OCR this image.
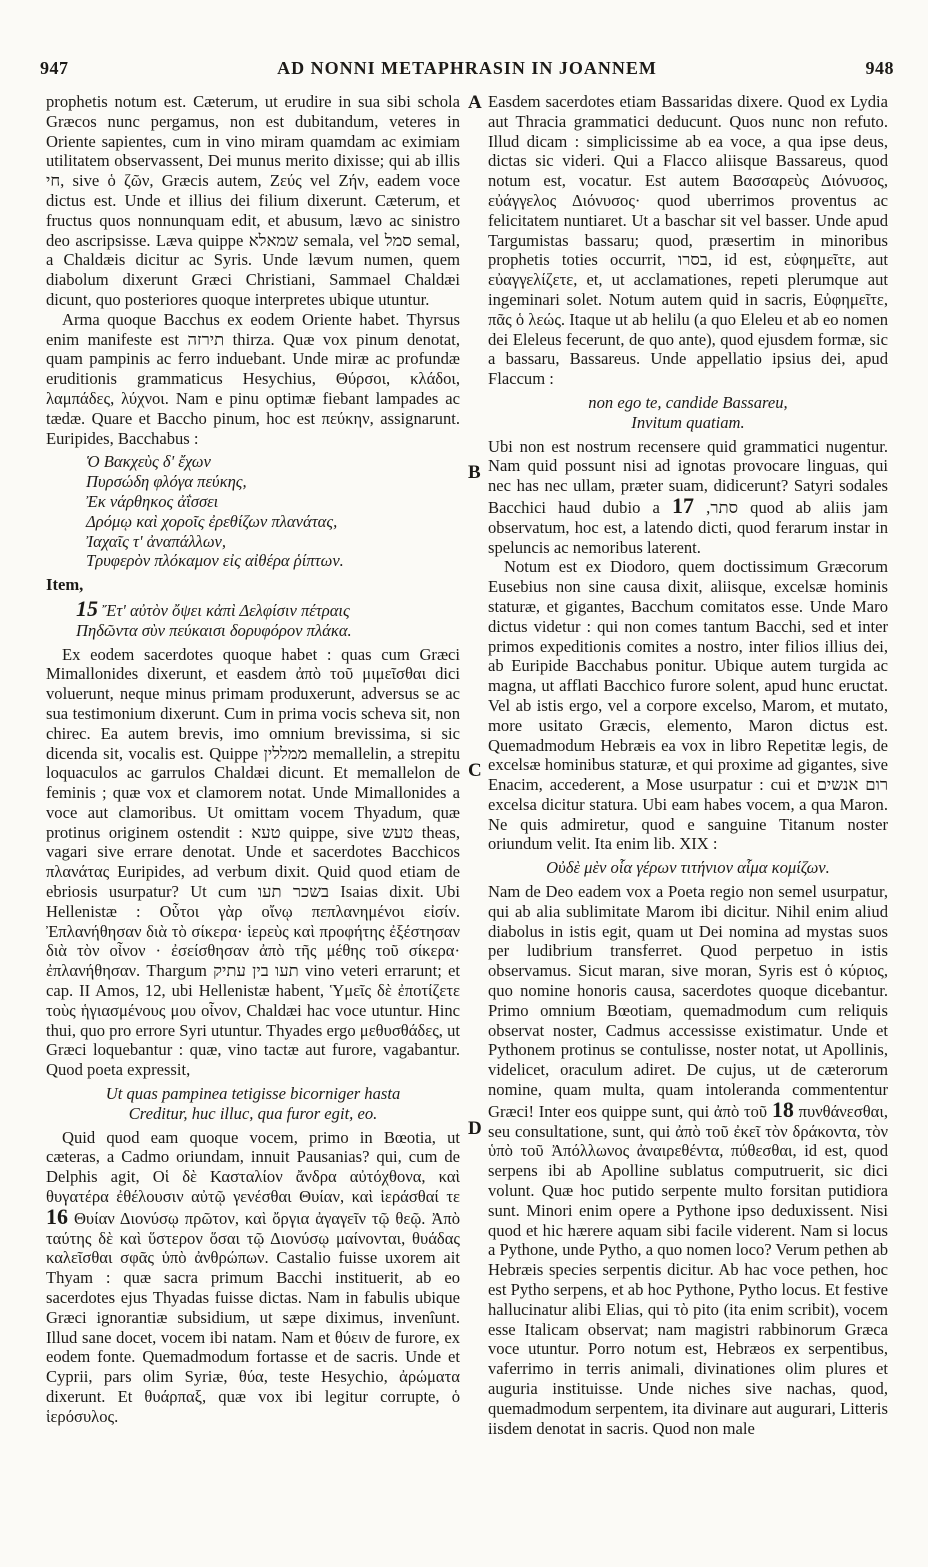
947	AD NONNI METAPHRASIN IN JOANNEM	948
A
B
C
D

prophetis notum est. Cæterum, ut erudire in sua sibi schola Græcos nunc pergamus, non est dubitandum, veteres in Oriente sapientes, cum in vino miram quamdam ac eximiam utilitatem observassent, Dei munus merito dixisse; qui ab illis חי, sive ὁ ζῶν, Græcis autem, Ζεύς vel Ζήν, eadem voce dictus est. Unde et illius dei filium dixerunt. Cæterum, et fructus quos nonnunquam edit, et abusum, lævo ac sinistro deo ascripsisse. Læva quippe שמאלא semala, vel סמל semal, a Chaldæis dicitur ac Syris. Unde lævum numen, quem diabolum dixerunt Græci Christiani, Sammael Chaldæi dicunt, quo posteriores quoque interpretes ubique utuntur.

Arma quoque Bacchus ex eodem Oriente habet. Thyrsus enim manifeste est תירזה thirza. Quæ vox pinum denotat, quam pampinis ac ferro induebant. Unde miræ ac profundæ eruditionis grammaticus Hesychius, Θύρσοι, κλάδοι, λαμπάδες, λύχνοι. Nam e pinu optimæ fiebant lampades ac tædæ. Quare et Baccho pinum, hoc est πεύκην, assignarunt. Euripides, Bacchabus :

Ὁ Βακχεὺς δ' ἔχων
Πυρσώδη φλόγα πεύκης,
Ἐκ νάρθηκος ἀΐσσει
Δρόμῳ καὶ χοροῖς ἐρεθίζων πλανάτας,
Ἰαχαῖς τ' ἀναπάλλων,
Τρυφερὸν πλόκαμον εἰς αἰθέρα ῥίπτων.

Item,

15 Ἔτ' αὐτὸν ὄψει κἀπὶ Δελφίσιν πέτραις
Πηδῶντα σὺν πεύκαισι δορυφόρον πλάκα.

Ex eodem sacerdotes quoque habet : quas cum Græci Mimallonides dixerunt, et easdem ἀπὸ τοῦ μιμεῖσθαι dici voluerunt, neque minus primam produxerunt, adversus se ac sua testimonium dixerunt. Cum in prima vocis scheva sit, non chirec. Ea autem brevis, imo omnium brevissima, si sic dicenda sit, vocalis est. Quippe ממללין memallelin, a strepitu loquaculos ac garrulos Chaldæi dicunt. Et memallelon de feminis ; quæ vox et clamorem notat. Unde Mimallonides a voce aut clamoribus. Ut omittam vocem Thyadum, quæ protinus originem ostendit : טעא quippe, sive טעש theas, vagari sive errare denotat. Unde et sacerdotes Bacchicos πλανάτας Euripides, ad verbum dixit. Quid quod etiam de ebriosis usurpatur? Ut cum בשכר תעו Isaias dixit. Ubi Hellenistæ : Οὗτοι γὰρ οἴνῳ πεπλανημένοι εἰσίν. Ἐπλανήθησαν διὰ τὸ σίκερα· ἱερεὺς καὶ προφήτης ἐξέστησαν διὰ τὸν οἶνον · ἐσείσθησαν ἀπὸ τῆς μέθης τοῦ σίκερα· ἐπλανήθησαν. Thargum תעו בין עתיק vino veteri errarunt; et cap. II Amos, 12, ubi Hellenistæ habent, Ὑμεῖς δὲ ἐποτίζετε τοὺς ἡγιασμένους μου οἶνον, Chaldæi hac voce utuntur. Hinc thui, quo pro errore Syri utuntur. Thyades ergo μεθυσθάδες, ut Græci loquebantur : quæ, vino tactæ aut furore, vagabantur. Quod poeta expressit,

Ut quas pampinea tetigisse bicorniger hasta
Creditur, huc illuc, qua furor egit, eo.

Quid quod eam quoque vocem, primo in Bœotia, ut cæteras, a Cadmo oriundam, innuit Pausanias? qui, cum de Delphis agit, Οἱ δὲ Κασταλίον ἄνδρα αὐτόχθονα, καὶ θυγατέρα ἐθέλουσιν αὐτῷ γενέσθαι Θυίαν, καὶ ἱεράσθαί τε 16 Θυίαν Διονύσῳ πρῶτον, καὶ ὄργια ἀγαγεῖν τῷ θεῷ. Ἀπὸ ταύτης δὲ καὶ ὕστερον ὅσαι τῷ Διονύσῳ μαίνονται, θυάδας καλεῖσθαι σφᾶς ὑπὸ ἀνθρώπων. Castalio fuisse uxorem ait Thyam : quæ sacra primum Bacchi instituerit, ab eo sacerdotes ejus Thyadas fuisse dictas. Nam in fabulis ubique Græci ignorantiæ subsidium, ut sæpe diximus, invenîunt. Illud sane docet, vocem ibi natam. Nam et θύειν de furore, ex eodem fonte. Quemadmodum fortasse et de sacris. Unde et Cyprii, pars olim Syriæ, θύα, teste Hesychio, ἀρώματα dixerunt. Et θυάρπαξ, quæ vox ibi legitur corrupte, ὁ ἱερόσυλος.

Easdem sacerdotes etiam Bassaridas dixere. Quod ex Lydia aut Thracia grammatici deducunt. Quos nunc non refuto. Illud dicam : simplicissime ab ea voce, a qua ipse deus, dictas sic videri. Qui a Flacco aliisque Bassareus, quod notum est, vocatur. Est autem Βασσαρεὺς Διόνυσος, εὐάγγελος Διόνυσος· quod uberrimos proventus ac felicitatem nuntiaret. Ut a baschar sit vel basser. Unde apud Targumistas bassaru; quod, præsertim in minoribus prophetis toties occurrit, בסרו, id est, εὐφημεῖτε, aut εὐαγγελίζετε, et, ut acclamationes, repeti plerumque aut ingeminari solet. Notum autem quid in sacris, Εὐφημεῖτε, πᾶς ὁ λεώς. Itaque ut ab helilu (a quo Eleleu et ab eo nomen dei Eleleus fecerunt, de quo ante), quod ejusdem formæ, sic a bassaru, Bassareus. Unde appellatio ipsius dei, apud Flaccum :

non ego te, candide Bassareu,
Invitum quatiam.

Ubi non est nostrum recensere quid grammatici nugentur. Nam quid possunt nisi ad ignotas provocare linguas, qui nec has nec ullam, præter suam, didicerunt? Satyri sodales Bacchici haud dubio a סתר, 17	quod ab aliis jam observatum, hoc est, a latendo dicti, quod ferarum instar in speluncis ac nemoribus laterent.

Notum est ex Diodoro, quem doctissimum Græcorum Eusebius non sine causa dixit, aliisque, excelsæ hominis staturæ, et gigantes, Bacchum comitatos esse. Unde Maro dictus videtur : qui non comes tantum Bacchi, sed et inter primos expeditionis comites a nostro, inter filios illius dei, ab Euripide Bacchabus ponitur. Ubique autem turgida ac magna, ut afflati Bacchico furore solent, apud hunc eructat. Vel ab istis ergo, vel a corpore excelso, Marom, et mutato, more usitato Græcis, elemento, Maron dictus est. Quemadmodum Hebræis ea vox in libro Repetitæ legis, de excelsæ hominibus staturæ, et qui proxime ad gigantes, sive Enacim, accederent, a Mose usurpatur : cui et רום אנשים excelsa dicitur statura. Ubi eam habes vocem, a qua Maron. Ne quis admiretur, quod e sanguine Titanum noster oriundum velit. Ita enim lib. XIX :

Οὐδὲ μὲν οἷα γέρων τιτήνιον αἷμα κομίζων.

Nam de Deo eadem vox a Poeta regio non semel usurpatur, qui ab alia sublimitate Marom ibi dicitur. Nihil enim aliud diabolus in istis egit, quam ut Dei nomina ad mystas suos per ludibrium transferret. Quod perpetuo in istis observamus. Sicut maran, sive moran, Syris est ὁ κύριος, quo nomine honoris causa, sacerdotes quoque dicebantur. Primo omnium Bœotiam, quemadmodum cum reliquis observat noster, Cadmus accessisse existimatur. Unde et Pythonem protinus se contulisse, noster notat, ut Apollinis, videlicet, oraculum adiret. De cujus, ut de cæterorum nomine, quam multa, quam intoleranda commententur Græci! Inter eos quippe sunt, qui ἀπὸ τοῦ 18 πυνθάνεσθαι, seu consultatione, sunt, qui ἀπὸ τοῦ ἐκεῖ τὸν δράκοντα, τὸν ὑπὸ τοῦ Ἀπόλλωνος ἀναιρεθέντα, πύθεσθαι, id est, quod serpens ibi ab Apolline sublatus computruerit, sic dici volunt. Quæ hoc putido serpente multo forsitan putidiora sunt. Minori enim opere a Pythone ipso deduxissent. Nisi quod et hic hærere aquam sibi facile viderent. Nam si locus a Pythone, unde Pytho, a quo nomen loco? Verum pethen ab Hebræis species serpentis dicitur. Ab hac voce pethen, hoc est Pytho serpens, et ab hoc Pythone, Pytho locus. Et festive hallucinatur alibi Elias, qui τὸ pito (ita enim scribit), vocem esse Italicam observat; nam magistri rabbinorum Græca voce utuntur. Porro notum est, Hebræos ex serpentibus, vaferrimo in terris animali, divinationes olim plures et auguria instituisse. Unde niches sive nachas, quod, quemadmodum serpentem, ita divinare aut augurari, Litteris iisdem denotat in sacris. Quod non male
